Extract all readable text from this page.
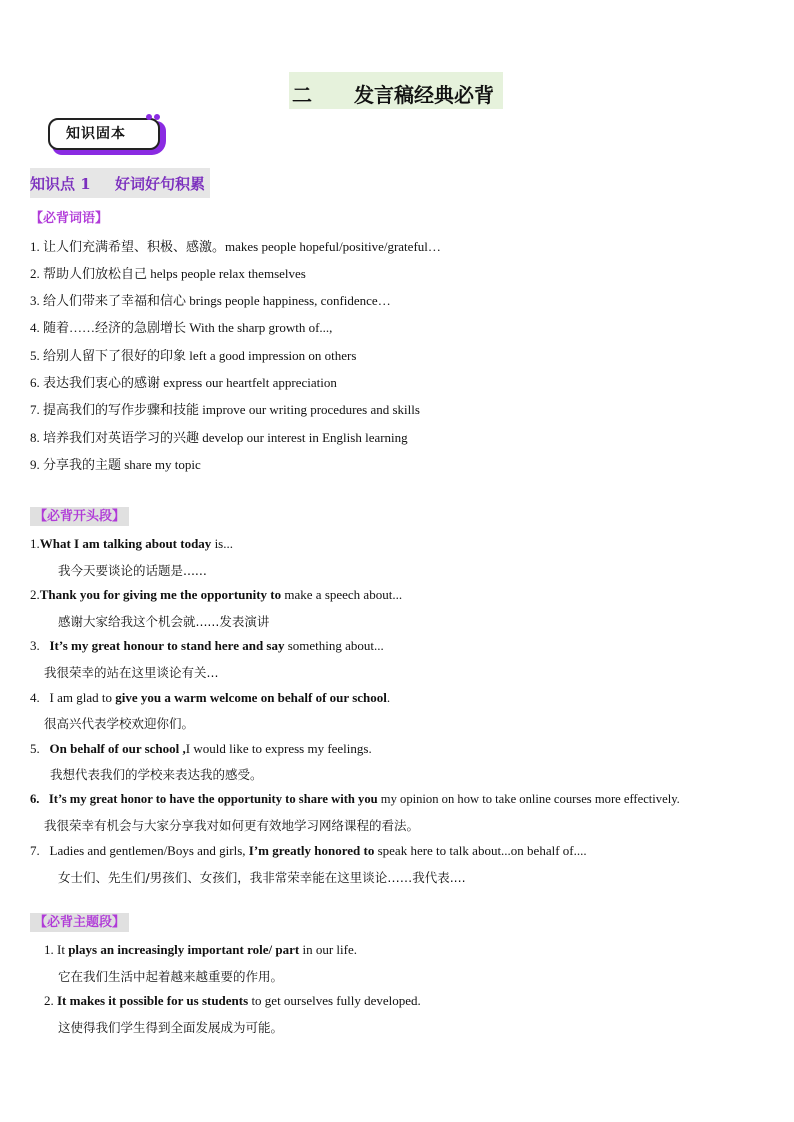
二 发言稿经典必背
知识固本
知识点 1 好词好句积累
【必背词语】
1. 让人们充满希望、积极、感激。makes people hopeful/positive/grateful…
2. 帮助人们放松自己 helps people relax themselves
3. 给人们带来了幸福和信心 brings people happiness, confidence…
4. 随着……经济的急剧增长 With the sharp growth of...,
5. 给别人留下了很好的印象 left a good impression on others
6. 表达我们衷心的感谢 express our heartfelt appreciation
7. 提高我们的写作步骤和技能 improve our writing procedures and skills
8. 培养我们对英语学习的兴趣 develop our interest in English learning
9. 分享我的主题 share my topic
【必背开头段】
1.What I am talking about today is...
我今天要谈论的话题是......
2.Thank you for giving me the opportunity to make a speech about...
感谢大家给我这个机会就......发表演讲
3. It’s my great honour to stand here and say something about...
我很荣幸的站在这里谈论有关...
4. I am glad to give you a warm welcome on behalf of our school.
很高兴代表学校欢迎你们。
5. On behalf of our school ,I would like to express my feelings.
我想代表我们的学校来表达我的感受。
6. It’s my great honor to have the opportunity to share with you my opinion on how to take online courses more effectively.
我很荣幸有机会与大家分享我对如何更有效地学习网络课程的看法。
7. Ladies and gentlemen/Boys and girls, I’m greatly honored to speak here to talk about...on behalf of....
女士们、先生们/男孩们、女孩们，我非常荣幸能在这里谈论……我代表....
【必背主题段】
1. It plays an increasingly important role/ part in our life.
它在我们生活中起着越来越重要的作用。
2. It makes it possible for us students to get ourselves fully developed.
这使得我们学生得到全面发展成为可能。
